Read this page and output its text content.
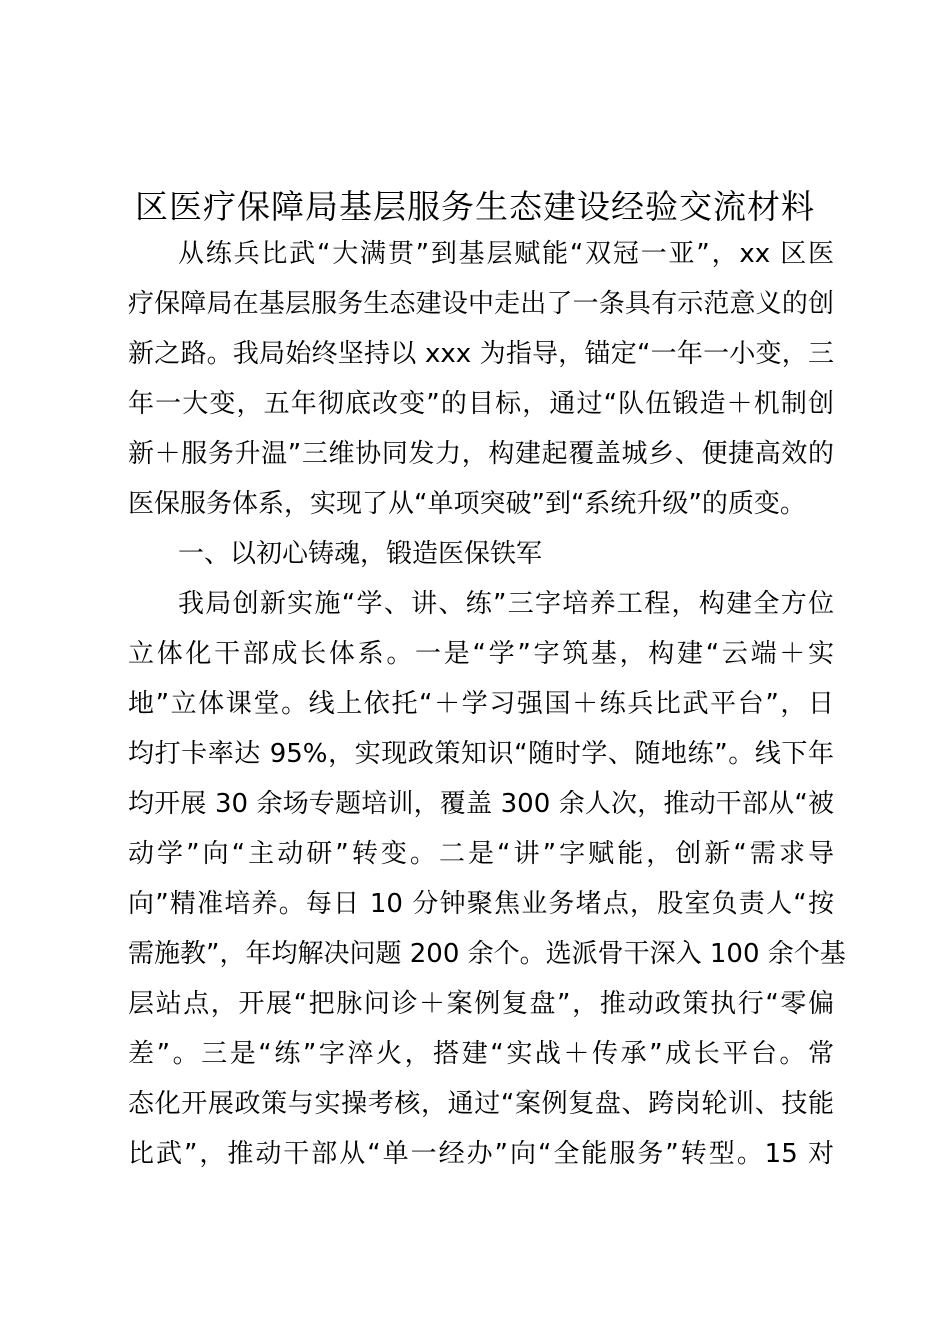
区医疗保障局基层服务生态建设经验交流材料
从练兵比武“大满贯”到基层赋能“双冠一亚”，xx 区医
疗保障局在基层服务生态建设中走出了一条具有示范意义的创
新之路。我局始终坚持以 xxx 为指导，锚定“一年一小变，三
年一大变，五年彻底改变”的目标，通过“队伍锻造＋机制创
新＋服务升温”三维协同发力，构建起覆盖城乡、便捷高效的
医保服务体系，实现了从“单项突破”到“系统升级”的质变。
一、以初心铸魂，锻造医保铁军
我局创新实施“学、讲、练”三字培养工程，构建全方位
立体化干部成长体系。一是“学”字筑基，构建“云端＋实
地”立体课堂。线上依托“＋学习强国＋练兵比武平台”，日
均打卡率达 95%，实现政策知识“随时学、随地练”。线下年
均开展 30 余场专题培训，覆盖 300 余人次，推动干部从“被
动学”向“主动研”转变。二是“讲”字赋能，创新“需求导
向”精准培养。每日 10 分钟聚焦业务堵点，股室负责人“按
需施教”，年均解决问题 200 余个。选派骨干深入 100 余个基
层站点，开展“把脉问诊＋案例复盘”，推动政策执行“零偏
差”。三是“练”字淬火，搭建“实战＋传承”成长平台。常
态化开展政策与实操考核，通过“案例复盘、跨岗轮训、技能
比武”，推动干部从“单一经办”向“全能服务”转型。15 对
